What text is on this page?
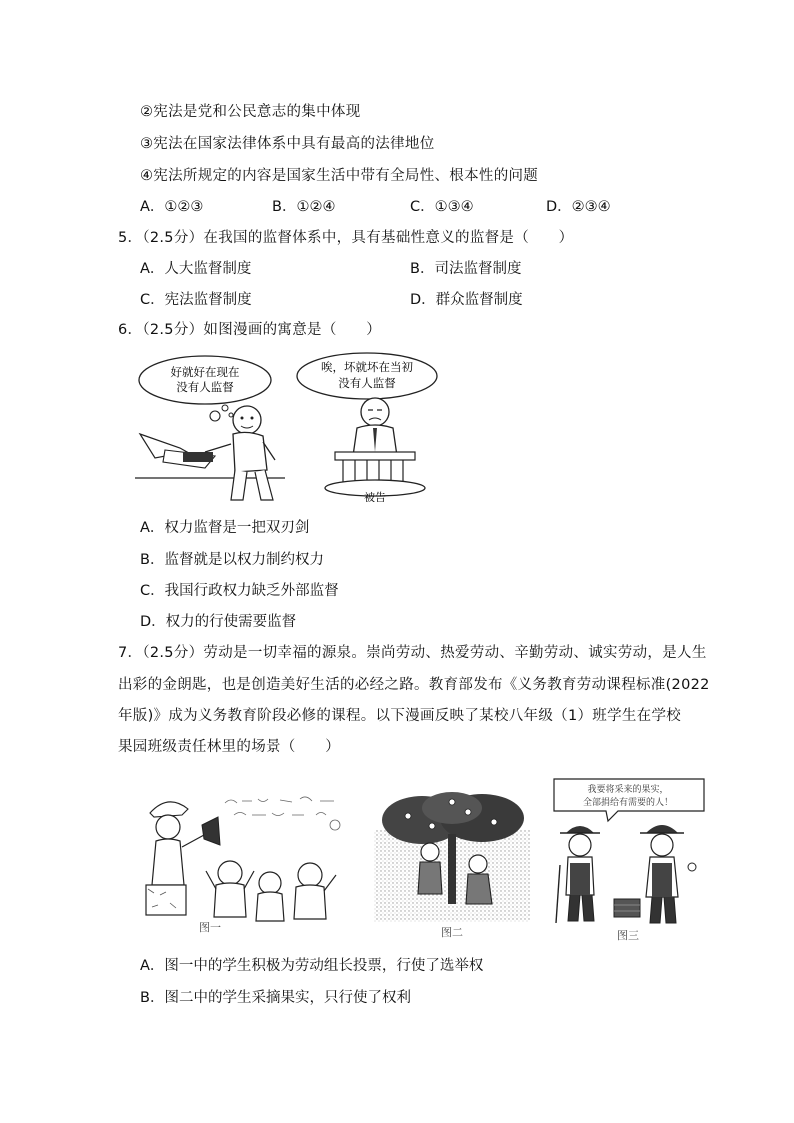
②宪法是党和公民意志的集中体现
③宪法在国家法律体系中具有最高的法律地位
④宪法所规定的内容是国家生活中带有全局性、根本性的问题
A．①②③	B．①②④	C．①③④	D．②③④
5．（2.5分）在我国的监督体系中，具有基础性意义的监督是（　　）
A．人大监督制度	B．司法监督制度
C．宪法监督制度	D．群众监督制度
6．（2.5分）如图漫画的寓意是（　　）
好就好在现在
没有人监督
唉，坏就坏在当初
没有人监督
被告
A．权力监督是一把双刃剑
B．监督就是以权力制约权力
C．我国行政权力缺乏外部监督
D．权力的行使需要监督
7．（2.5分）劳动是一切幸福的源泉。崇尚劳动、热爱劳动、辛勤劳动、诚实劳动，是人生
出彩的金朗匙，也是创造美好生活的必经之路。教育部发布《义务教育劳动课程标准(2022
年版)》成为义务教育阶段必修的课程。以下漫画反映了某校八年级（1）班学生在学校
果园班级责任林里的场景（　　）
图一	图二
我要将采来的果实，
全部捐给有需要的人！
图三
A．图一中的学生积极为劳动组长投票，行使了选举权
B．图二中的学生采摘果实，只行使了权利
